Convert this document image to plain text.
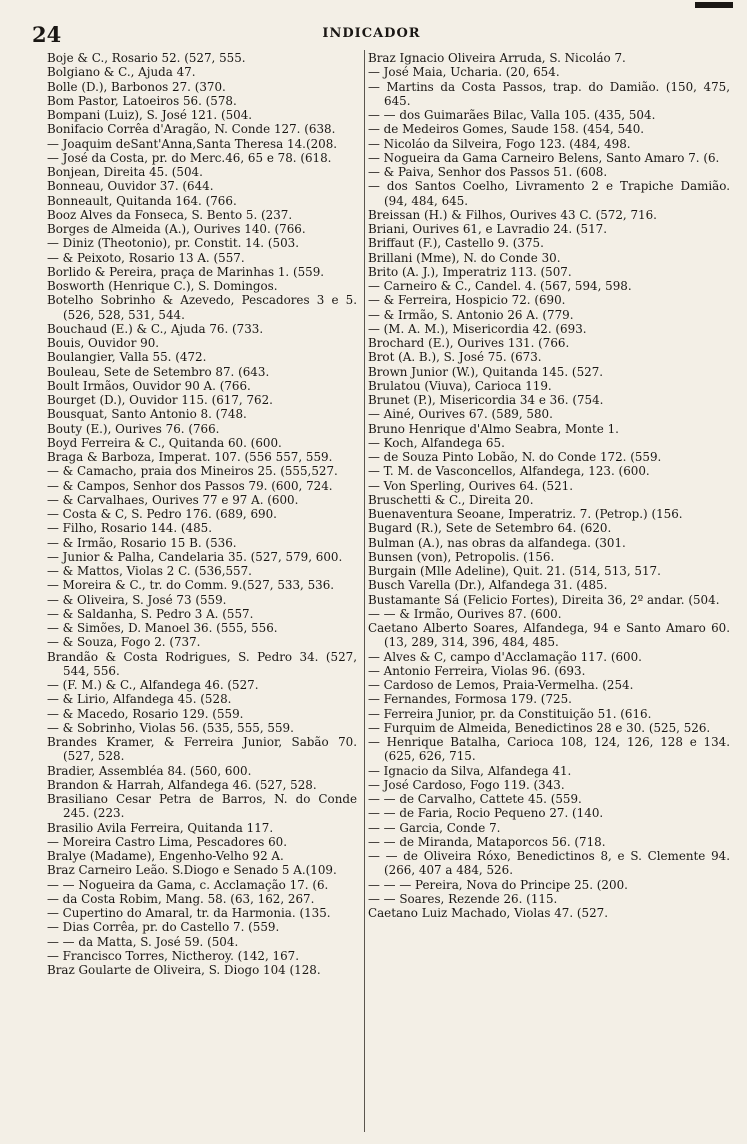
24	INDICADOR
Boje & C., Rosario 52. (527, 555.
Bolgiano & C., Ajuda 47.
Bolle (D.), Barbonos 27. (370.
Bom Pastor, Latoeiros 56. (578.
Bompani (Luiz), S. José 121. (504.
Bonifacio Corrêa d'Aragão, N. Conde 127. (638.
— Joaquim deSant'Anna,Santa Theresa 14.(208.
— José da Costa, pr. do Merc.46, 65 e 78. (618.
Bonjean, Direita 45. (504.
Bonneau, Ouvidor 37. (644.
Bonneault, Quitanda 164. (766.
Booz Alves da Fonseca, S. Bento 5. (237.
Borges de Almeida (A.), Ourives 140. (766.
— Diniz (Theotonio), pr. Constit. 14. (503.
— & Peixoto, Rosario 13 A. (557.
Borlido & Pereira, praça de Marinhas 1. (559.
Bosworth (Henrique C.), S. Domingos.
Botelho Sobrinho & Azevedo, Pescadores 3 e 5. (526, 528, 531, 544.
Bouchaud (E.) & C., Ajuda 76. (733.
Bouis, Ouvidor 90.
Boulangier, Valla 55. (472.
Bouleau, Sete de Setembro 87. (643.
Boult Irmãos, Ouvidor 90 A. (766.
Bourget (D.), Ouvidor 115. (617, 762.
Bousquat, Santo Antonio 8. (748.
Bouty (E.), Ourives 76. (766.
Boyd Ferreira & C., Quitanda 60. (600.
Braga & Barboza, Imperat. 107. (556 557, 559.
— & Camacho, praia dos Mineiros 25. (555,527.
— & Campos, Senhor dos Passos 79. (600, 724.
— & Carvalhaes, Ourives 77 e 97 A. (600.
— Costa & C, S. Pedro 176. (689, 690.
— Filho, Rosario 144. (485.
— & Irmão, Rosario 15 B. (536.
— Junior & Palha, Candelaria 35. (527, 579, 600.
— & Mattos, Violas 2 C. (536,557.
— Moreira & C., tr. do Comm. 9.(527, 533, 536.
— & Oliveira, S. José 73 (559.
— & Saldanha, S. Pedro 3 A. (557.
— & Simões, D. Manoel 36. (555, 556.
— & Souza, Fogo 2. (737.
Brandão & Costa Rodrigues, S. Pedro 34. (527, 544, 556.
— (F. M.) & C., Alfandega 46. (527.
— & Lirio, Alfandega 45. (528.
— & Macedo, Rosario 129. (559.
— & Sobrinho, Violas 56. (535, 555, 559.
Brandes Kramer, & Ferreira Junior, Sabão 70. (527, 528.
Bradier, Assembléa 84. (560, 600.
Brandon & Harrah, Alfandega 46. (527, 528.
Brasiliano Cesar Petra de Barros, N. do Conde 245. (223.
Brasilio Avila Ferreira, Quitanda 117.
— Moreira Castro Lima, Pescadores 60.
Bralye (Madame), Engenho-Velho 92 A.
Braz Carneiro Leão. S.Diogo e Senado 5 A.(109.
— — Nogueira da Gama, c. Acclamação 17. (6.
— da Costa Robim, Mang. 58. (63, 162, 267.
— Cupertino do Amaral, tr. da Harmonia. (135.
— Dias Corrêa, pr. do Castello 7. (559.
— — da Matta, S. José 59. (504.
— Francisco Torres, Nictheroy. (142, 167.
Braz Goularte de Oliveira, S. Diogo 104 (128.
Braz Ignacio Oliveira Arruda, S. Nicoláo 7.
— José Maia, Ucharia. (20, 654.
— Martins da Costa Passos, trap. do Damião. (150, 475, 645.
— — dos Guimarães Bilac, Valla 105. (435, 504.
— de Medeiros Gomes, Saude 158. (454, 540.
— Nicoláo da Silveira, Fogo 123. (484, 498.
— Nogueira da Gama Carneiro Belens, Santo Amaro 7. (6.
— & Paiva, Senhor dos Passos 51. (608.
— dos Santos Coelho, Livramento 2 e Trapiche Damião. (94, 484, 645.
Breissan (H.) & Filhos, Ourives 43 C. (572, 716.
Briani, Ourives 61, e Lavradio 24. (517.
Briffaut (F.), Castello 9. (375.
Brillani (Mme), N. do Conde 30.
Brito (A. J.), Imperatriz 113. (507.
— Carneiro & C., Candel. 4. (567, 594, 598.
— & Ferreira, Hospicio 72. (690.
— & Irmão, S. Antonio 26 A. (779.
— (M. A. M.), Misericordia 42. (693.
Brochard (E.), Ourives 131. (766.
Brot (A. B.), S. José 75. (673.
Brown Junior (W.), Quitanda 145. (527.
Brulatou (Viuva), Carioca 119.
Brunet (P.), Misericordia 34 e 36. (754.
— Ainé, Ourives 67. (589, 580.
Bruno Henrique d'Almo Seabra, Monte 1.
— Koch, Alfandega 65.
— de Souza Pinto Lobão, N. do Conde 172. (559.
— T. M. de Vasconcellos, Alfandega, 123. (600.
— Von Sperling, Ourives 64. (521.
Bruschetti & C., Direita 20.
Buenaventura Seoane, Imperatriz. 7. (Petrop.) (156.
Bugard (R.), Sete de Setembro 64. (620.
Bulman (A.), nas obras da alfandega. (301.
Bunsen (von), Petropolis. (156.
Burgain (Mlle Adeline), Quit. 21. (514, 513, 517.
Busch Varella (Dr.), Alfandega 31. (485.
Bustamante Sá (Felicio Fortes), Direita 36, 2º andar. (504.
— — & Irmão, Ourives 87. (600.
Caetano Alberto Soares, Alfandega, 94 e Santo Amaro 60. (13, 289, 314, 396, 484, 485.
— Alves & C, campo d'Acclamação 117. (600.
— Antonio Ferreira, Violas 96. (693.
— Cardoso de Lemos, Praia-Vermelha. (254.
— Fernandes, Formosa 179. (725.
— Ferreira Junior, pr. da Constituição 51. (616.
— Furquim de Almeida, Benedictinos 28 e 30. (525, 526.
— Henrique Batalha, Carioca 108, 124, 126, 128 e 134. (625, 626, 715.
— Ignacio da Silva, Alfandega 41.
— José Cardoso, Fogo 119. (343.
— — de Carvalho, Cattete 45. (559.
— — de Faria, Rocio Pequeno 27. (140.
— — Garcia, Conde 7.
— — de Miranda, Mataporcos 56. (718.
— — de Oliveira Róxo, Benedictinos 8, e S. Clemente 94. (266, 407 a 484, 526.
— — — Pereira, Nova do Principe 25. (200.
— — Soares, Rezende 26. (115.
Caetano Luiz Machado, Violas 47. (527.
